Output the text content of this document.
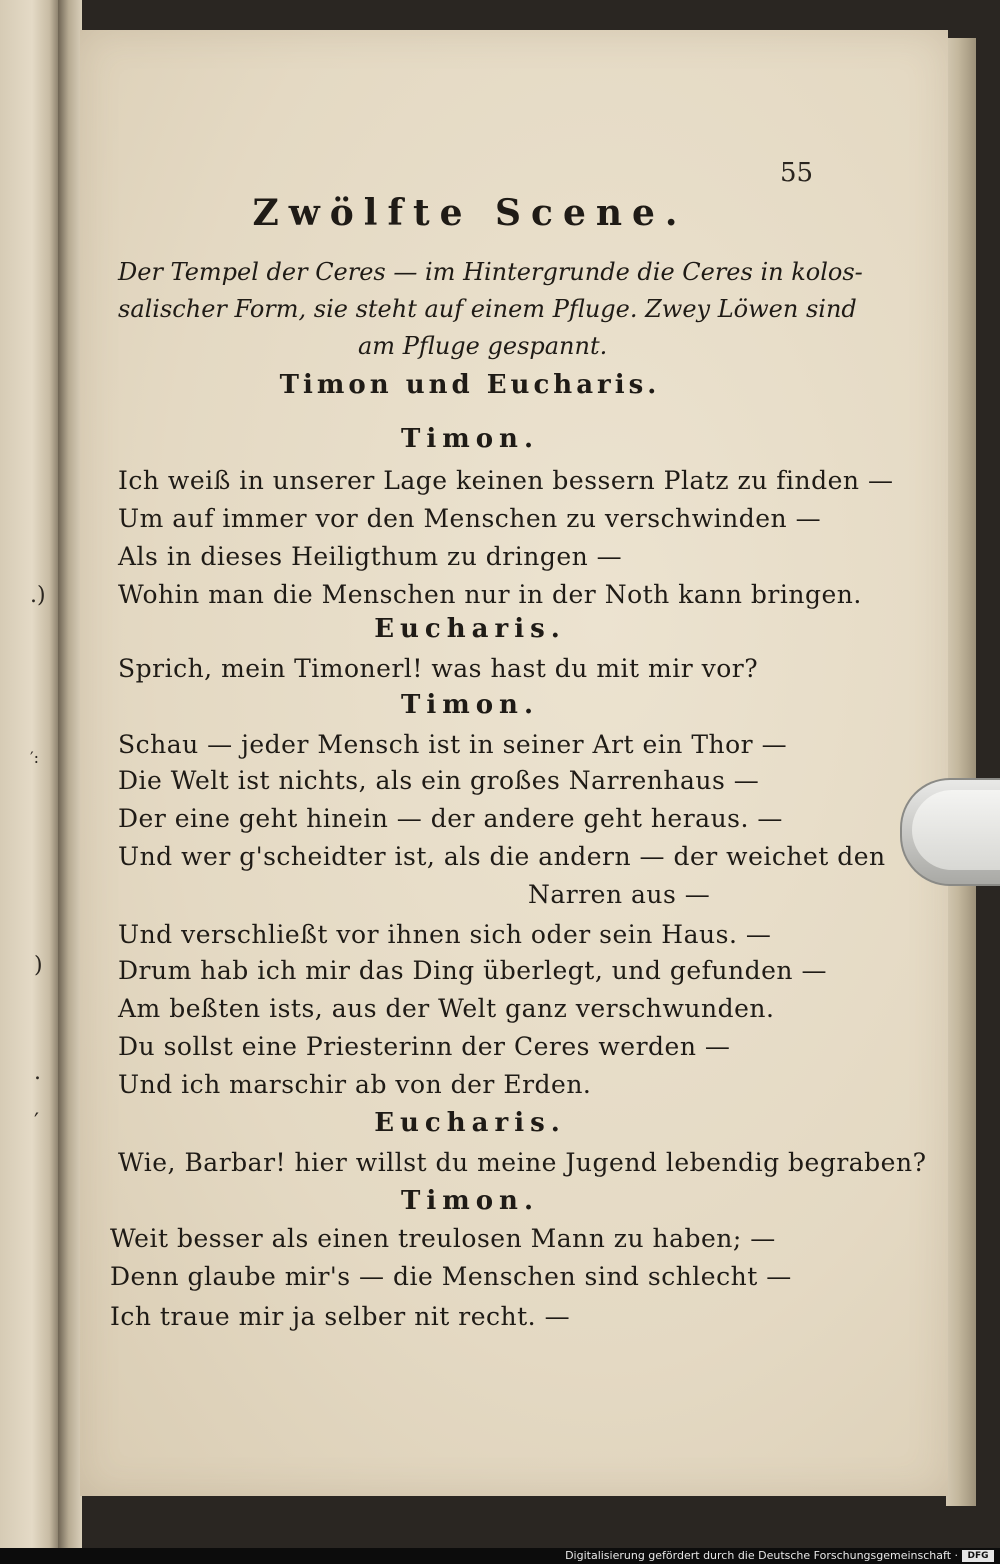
.)
′:
)
.
′
55
Zwölfte Scene.
Der Tempel der Ceres — im Hintergrunde die Ceres in kolos-
salischer Form, sie steht auf einem Pfluge. Zwey Löwen sind
am Pfluge gespannt.
Timon und Eucharis.
Timon.
Ich weiß in unserer Lage keinen bessern Platz zu finden —
Um auf immer vor den Menschen zu verschwinden —
Als in dieses Heiligthum zu dringen —
Wohin man die Menschen nur in der Noth kann bringen.
Eucharis.
Sprich, mein Timonerl! was hast du mit mir vor?
Timon.
Schau — jeder Mensch ist in seiner Art ein Thor —
Die Welt ist nichts, als ein großes Narrenhaus —
Der eine geht hinein — der andere geht heraus. —
Und wer g'scheidter ist, als die andern — der weichet den
Narren aus —
Und verschließt vor ihnen sich oder sein Haus. —
Drum hab ich mir das Ding überlegt, und gefunden —
Am beßten ists, aus der Welt ganz verschwunden.
Du sollst eine Priesterinn der Ceres werden —
Und ich marschir ab von der Erden.
Eucharis.
Wie, Barbar! hier willst du meine Jugend lebendig begraben?
Timon.
Weit besser als einen treulosen Mann zu haben; —
Denn glaube mir's — die Menschen sind schlecht —
Ich traue mir ja selber nit recht. —
Digitalisierung gefördert durch die Deutsche Forschungsgemeinschaft ·	DFG
